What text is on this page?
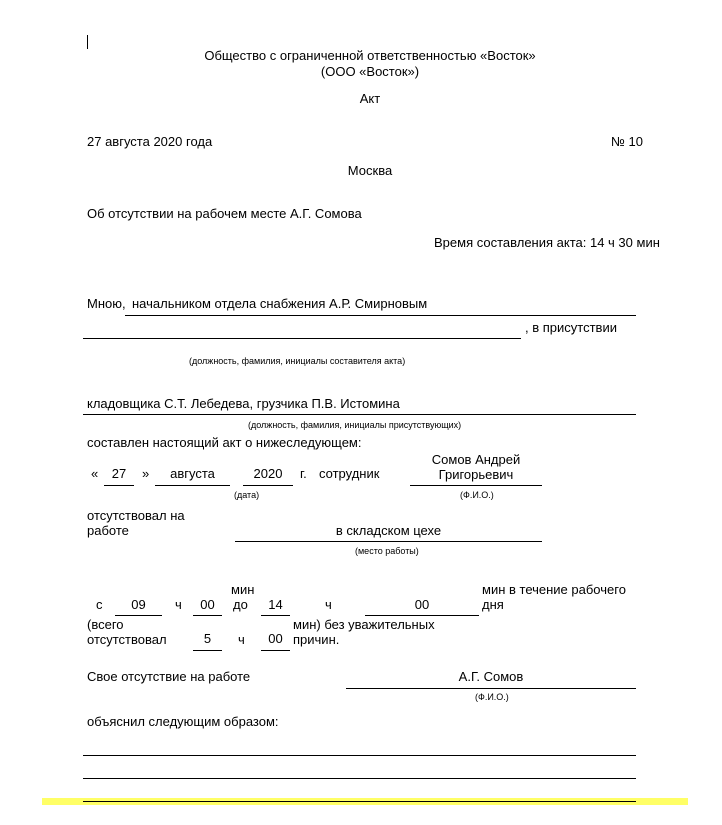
Общество с ограниченной ответственностью «Восток»
(ООО «Восток»)
Акт
27 августа 2020 года	№ 10
Москва
Об отсутствии на рабочем месте А.Г. Сомова
Время составления акта: 14 ч 30 мин
Мною, начальником отдела снабжения А.Р. Смирновым
, в присутствии
(должность, фамилия, инициалы составителя акта)
кладовщика С.Т. Лебедева, грузчика П.В. Истомина
(должность, фамилия, инициалы присутствующих)
составлен настоящий акт о нижеследующем:
«	27	»	августа	2020	г. сотрудник
Сомов Андрей
Григорьевич
(дата)	(Ф.И.О.)
отсутствовал на
работе	в складском цехе
(место работы)
с	09	ч	00
мин
до	14	ч	00
мин в течение рабочего
дня
(всего
отсутствовал	5	ч	00
мин) без уважительных
причин.
Свое отсутствие на работе	А.Г. Сомов
(Ф.И.О.)
объяснил следующим образом:
